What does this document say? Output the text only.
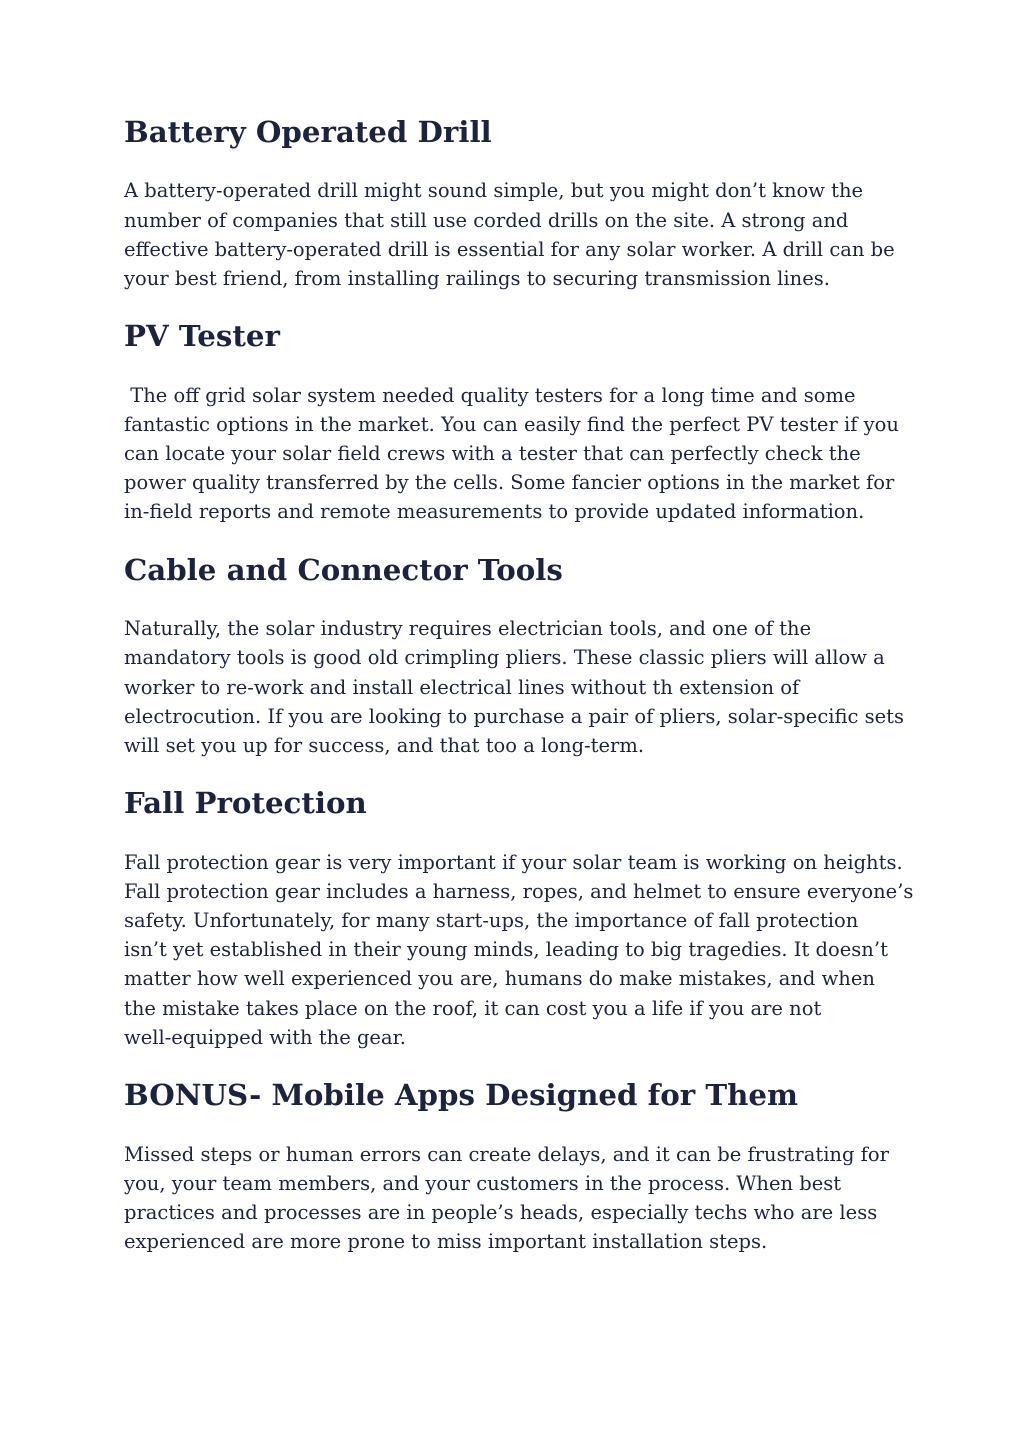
Battery Operated Drill

A battery-operated drill might sound simple, but you might don’t know the
number of companies that still use corded drills on the site. A strong and
effective battery-operated drill is essential for any solar worker. A drill can be
your best friend, from installing railings to securing transmission lines.

PV Tester

The off grid solar system needed quality testers for a long time and some
fantastic options in the market. You can easily find the perfect PV tester if you
can locate your solar field crews with a tester that can perfectly check the
power quality transferred by the cells. Some fancier options in the market for
in-field reports and remote measurements to provide updated information.

Cable and Connector Tools

Naturally, the solar industry requires electrician tools, and one of the
mandatory tools is good old crimpling pliers. These classic pliers will allow a
worker to re-work and install electrical lines without th extension of
electrocution. If you are looking to purchase a pair of pliers, solar-specific sets
will set you up for success, and that too a long-term.

Fall Protection

Fall protection gear is very important if your solar team is working on heights.
Fall protection gear includes a harness, ropes, and helmet to ensure everyone’s
safety. Unfortunately, for many start-ups, the importance of fall protection
isn’t yet established in their young minds, leading to big tragedies. It doesn’t
matter how well experienced you are, humans do make mistakes, and when
the mistake takes place on the roof, it can cost you a life if you are not
well-equipped with the gear.

BONUS- Mobile Apps Designed for Them

Missed steps or human errors can create delays, and it can be frustrating for
you, your team members, and your customers in the process. When best
practices and processes are in people’s heads, especially techs who are less
experienced are more prone to miss important installation steps.
